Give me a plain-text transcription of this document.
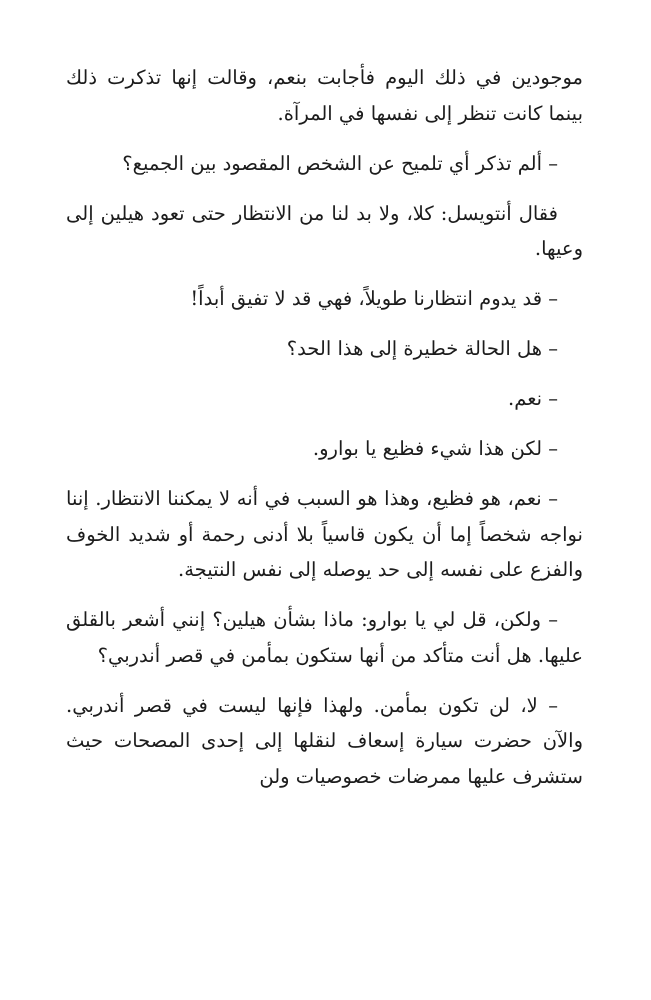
موجودين في ذلك اليوم فأجابت بنعم، وقالت إنها تذكرت ذلك بينما كانت تنظر إلى نفسها في المرآة.

– ألم تذكر أي تلميح عن الشخص المقصود بين الجميع؟

فقال أنتويسل: كلا، ولا بد لنا من الانتظار حتى تعود هيلين إلى وعيها.

– قد يدوم انتظارنا طويلاً، فهي قد لا تفيق أبداً!

– هل الحالة خطيرة إلى هذا الحد؟

– نعم.

– لكن هذا شيء فظيع يا بوارو.

– نعم، هو فظيع، وهذا هو السبب في أنه لا يمكننا الانتظار. إننا نواجه شخصاً إما أن يكون قاسياً بلا أدنى رحمة أو شديد الخوف والفزع على نفسه إلى حد يوصله إلى نفس النتيجة.

– ولكن، قل لي يا بوارو: ماذا بشأن هيلين؟ إنني أشعر بالقلق عليها. هل أنت متأكد من أنها ستكون بمأمن في قصر أندربي؟

– لا، لن تكون بمأمن. ولهذا فإنها ليست في قصر أندربي. والآن حضرت سيارة إسعاف لنقلها إلى إحدى المصحات حيث ستشرف عليها ممرضات خصوصيات ولن
